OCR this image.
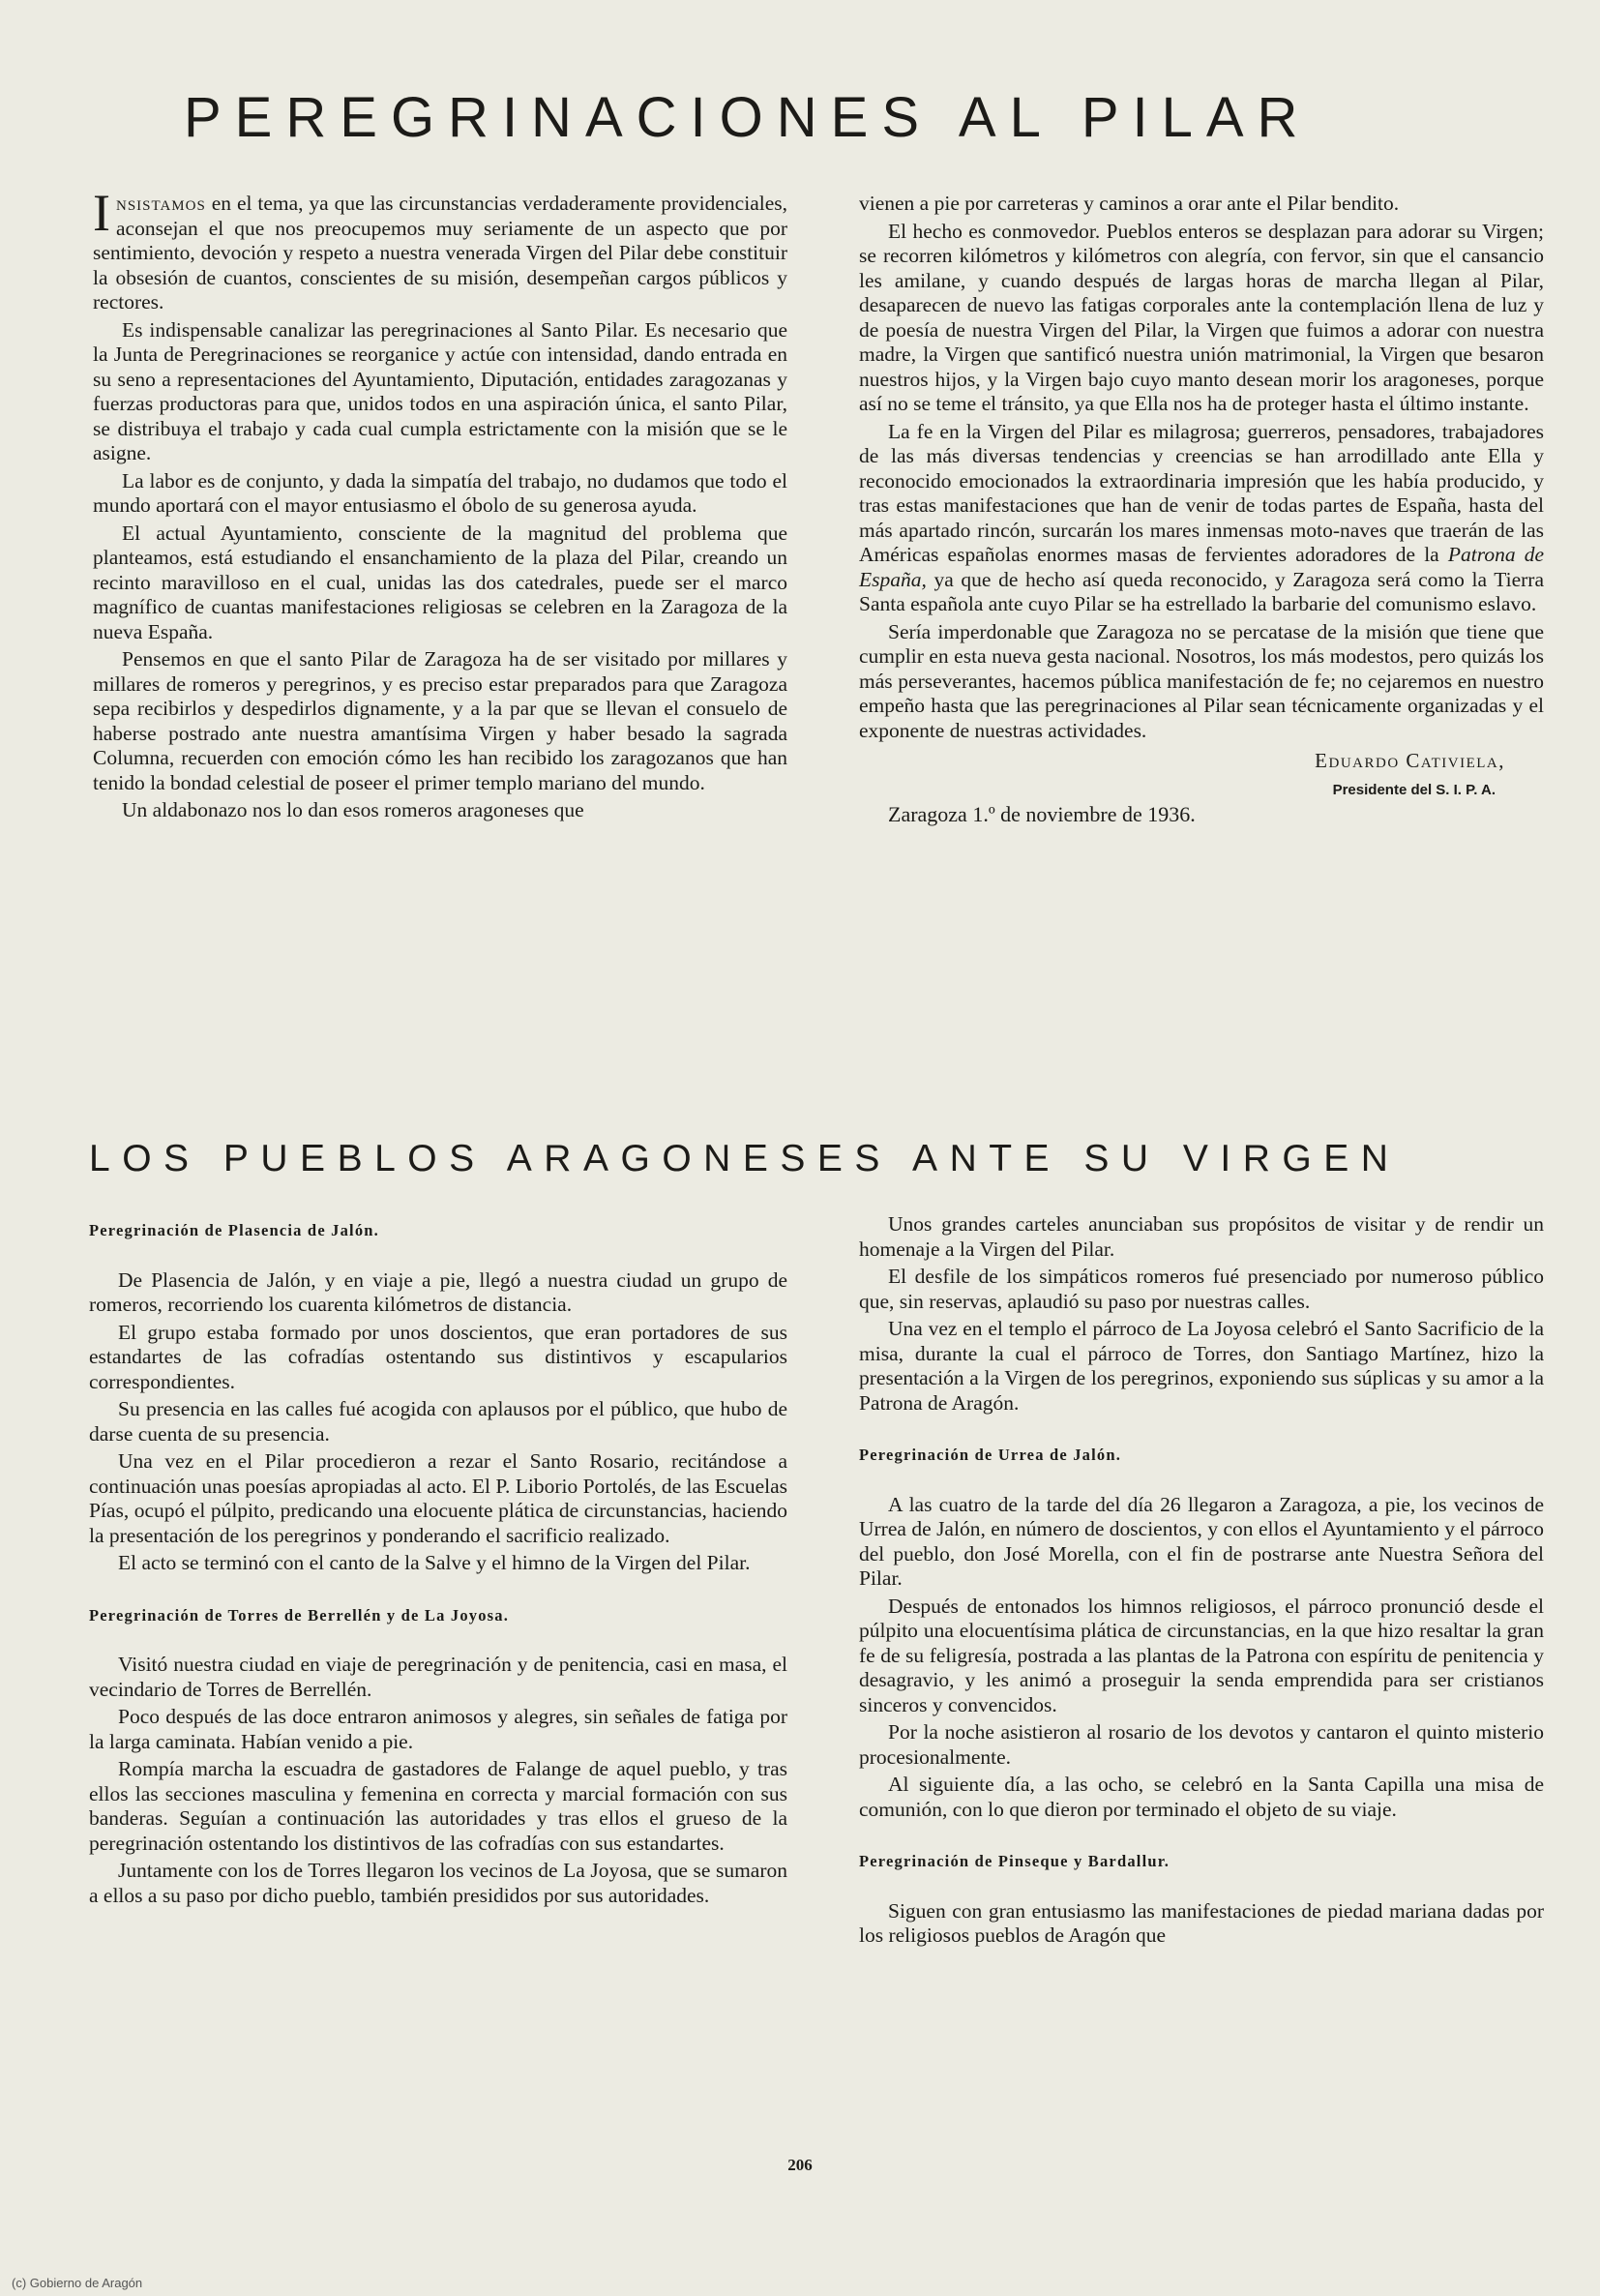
PEREGRINACIONES AL PILAR

Insistamos en el tema, ya que las circunstancias verdaderamente providenciales, aconsejan el que nos preocupemos muy seriamente de un aspecto que por sentimiento, devoción y respeto a nuestra venerada Virgen del Pilar debe constituir la obsesión de cuantos, conscientes de su misión, desempeñan cargos públicos y rectores.

Es indispensable canalizar las peregrinaciones al Santo Pilar. Es necesario que la Junta de Peregrinaciones se reorganice y actúe con intensidad, dando entrada en su seno a representaciones del Ayuntamiento, Diputación, entidades zaragozanas y fuerzas productoras para que, unidos todos en una aspiración única, el santo Pilar, se distribuya el trabajo y cada cual cumpla estrictamente con la misión que se le asigne.

La labor es de conjunto, y dada la simpatía del trabajo, no dudamos que todo el mundo aportará con el mayor entusiasmo el óbolo de su generosa ayuda.

El actual Ayuntamiento, consciente de la magnitud del problema que planteamos, está estudiando el ensanchamiento de la plaza del Pilar, creando un recinto maravilloso en el cual, unidas las dos catedrales, puede ser el marco magnífico de cuantas manifestaciones religiosas se celebren en la Zaragoza de la nueva España.

Pensemos en que el santo Pilar de Zaragoza ha de ser visitado por millares y millares de romeros y peregrinos, y es preciso estar preparados para que Zaragoza sepa recibirlos y despedirlos dignamente, y a la par que se llevan el consuelo de haberse postrado ante nuestra amantísima Virgen y haber besado la sagrada Columna, recuerden con emoción cómo les han recibido los zaragozanos que han tenido la bondad celestial de poseer el primer templo mariano del mundo.

Un aldabonazo nos lo dan esos romeros aragoneses que

vienen a pie por carreteras y caminos a orar ante el Pilar bendito.

El hecho es conmovedor. Pueblos enteros se desplazan para adorar su Virgen; se recorren kilómetros y kilómetros con alegría, con fervor, sin que el cansancio les amilane, y cuando después de largas horas de marcha llegan al Pilar, desaparecen de nuevo las fatigas corporales ante la contemplación llena de luz y de poesía de nuestra Virgen del Pilar, la Virgen que fuimos a adorar con nuestra madre, la Virgen que santificó nuestra unión matrimonial, la Virgen que besaron nuestros hijos, y la Virgen bajo cuyo manto desean morir los aragoneses, porque así no se teme el tránsito, ya que Ella nos ha de proteger hasta el último instante.

La fe en la Virgen del Pilar es milagrosa; guerreros, pensadores, trabajadores de las más diversas tendencias y creencias se han arrodillado ante Ella y reconocido emocionados la extraordinaria impresión que les había producido, y tras estas manifestaciones que han de venir de todas partes de España, hasta del más apartado rincón, surcarán los mares inmensas moto-naves que traerán de las Américas españolas enormes masas de fervientes adoradores de la Patrona de España, ya que de hecho así queda reconocido, y Zaragoza será como la Tierra Santa española ante cuyo Pilar se ha estrellado la barbarie del comunismo eslavo.

Sería imperdonable que Zaragoza no se percatase de la misión que tiene que cumplir en esta nueva gesta nacional. Nosotros, los más modestos, pero quizás los más perseverantes, hacemos pública manifestación de fe; no cejaremos en nuestro empeño hasta que las peregrinaciones al Pilar sean técnicamente organizadas y el exponente de nuestras actividades.

Eduardo Cativiela,
Presidente del S. I. P. A.

Zaragoza 1.º de noviembre de 1936.

LOS PUEBLOS ARAGONESES ANTE SU VIRGEN
Peregrinación de Plasencia de Jalón.

De Plasencia de Jalón, y en viaje a pie, llegó a nuestra ciudad un grupo de romeros, recorriendo los cuarenta kilómetros de distancia.

El grupo estaba formado por unos doscientos, que eran portadores de sus estandartes de las cofradías ostentando sus distintivos y escapularios correspondientes.

Su presencia en las calles fué acogida con aplausos por el público, que hubo de darse cuenta de su presencia.

Una vez en el Pilar procedieron a rezar el Santo Rosario, recitándose a continuación unas poesías apropiadas al acto. El P. Liborio Portolés, de las Escuelas Pías, ocupó el púlpito, predicando una elocuente plática de circunstancias, haciendo la presentación de los peregrinos y ponderando el sacrificio realizado.

El acto se terminó con el canto de la Salve y el himno de la Virgen del Pilar.

Peregrinación de Torres de Berrellén y de La Joyosa.

Visitó nuestra ciudad en viaje de peregrinación y de penitencia, casi en masa, el vecindario de Torres de Berrellén.

Poco después de las doce entraron animosos y alegres, sin señales de fatiga por la larga caminata. Habían venido a pie.

Rompía marcha la escuadra de gastadores de Falange de aquel pueblo, y tras ellos las secciones masculina y femenina en correcta y marcial formación con sus banderas. Seguían a continuación las autoridades y tras ellos el grueso de la peregrinación ostentando los distintivos de las cofradías con sus estandartes.

Juntamente con los de Torres llegaron los vecinos de La Joyosa, que se sumaron a ellos a su paso por dicho pueblo, también presididos por sus autoridades.

Unos grandes carteles anunciaban sus propósitos de visitar y de rendir un homenaje a la Virgen del Pilar.

El desfile de los simpáticos romeros fué presenciado por numeroso público que, sin reservas, aplaudió su paso por nuestras calles.

Una vez en el templo el párroco de La Joyosa celebró el Santo Sacrificio de la misa, durante la cual el párroco de Torres, don Santiago Martínez, hizo la presentación a la Virgen de los peregrinos, exponiendo sus súplicas y su amor a la Patrona de Aragón.

Peregrinación de Urrea de Jalón.

A las cuatro de la tarde del día 26 llegaron a Zaragoza, a pie, los vecinos de Urrea de Jalón, en número de doscientos, y con ellos el Ayuntamiento y el párroco del pueblo, don José Morella, con el fin de postrarse ante Nuestra Señora del Pilar.

Después de entonados los himnos religiosos, el párroco pronunció desde el púlpito una elocuentísima plática de circunstancias, en la que hizo resaltar la gran fe de su feligresía, postrada a las plantas de la Patrona con espíritu de penitencia y desagravio, y les animó a proseguir la senda emprendida para ser cristianos sinceros y convencidos.

Por la noche asistieron al rosario de los devotos y cantaron el quinto misterio procesionalmente.

Al siguiente día, a las ocho, se celebró en la Santa Capilla una misa de comunión, con lo que dieron por terminado el objeto de su viaje.

Peregrinación de Pinseque y Bardallur.

Siguen con gran entusiasmo las manifestaciones de piedad mariana dadas por los religiosos pueblos de Aragón que

206
(c) Gobierno de Aragón
